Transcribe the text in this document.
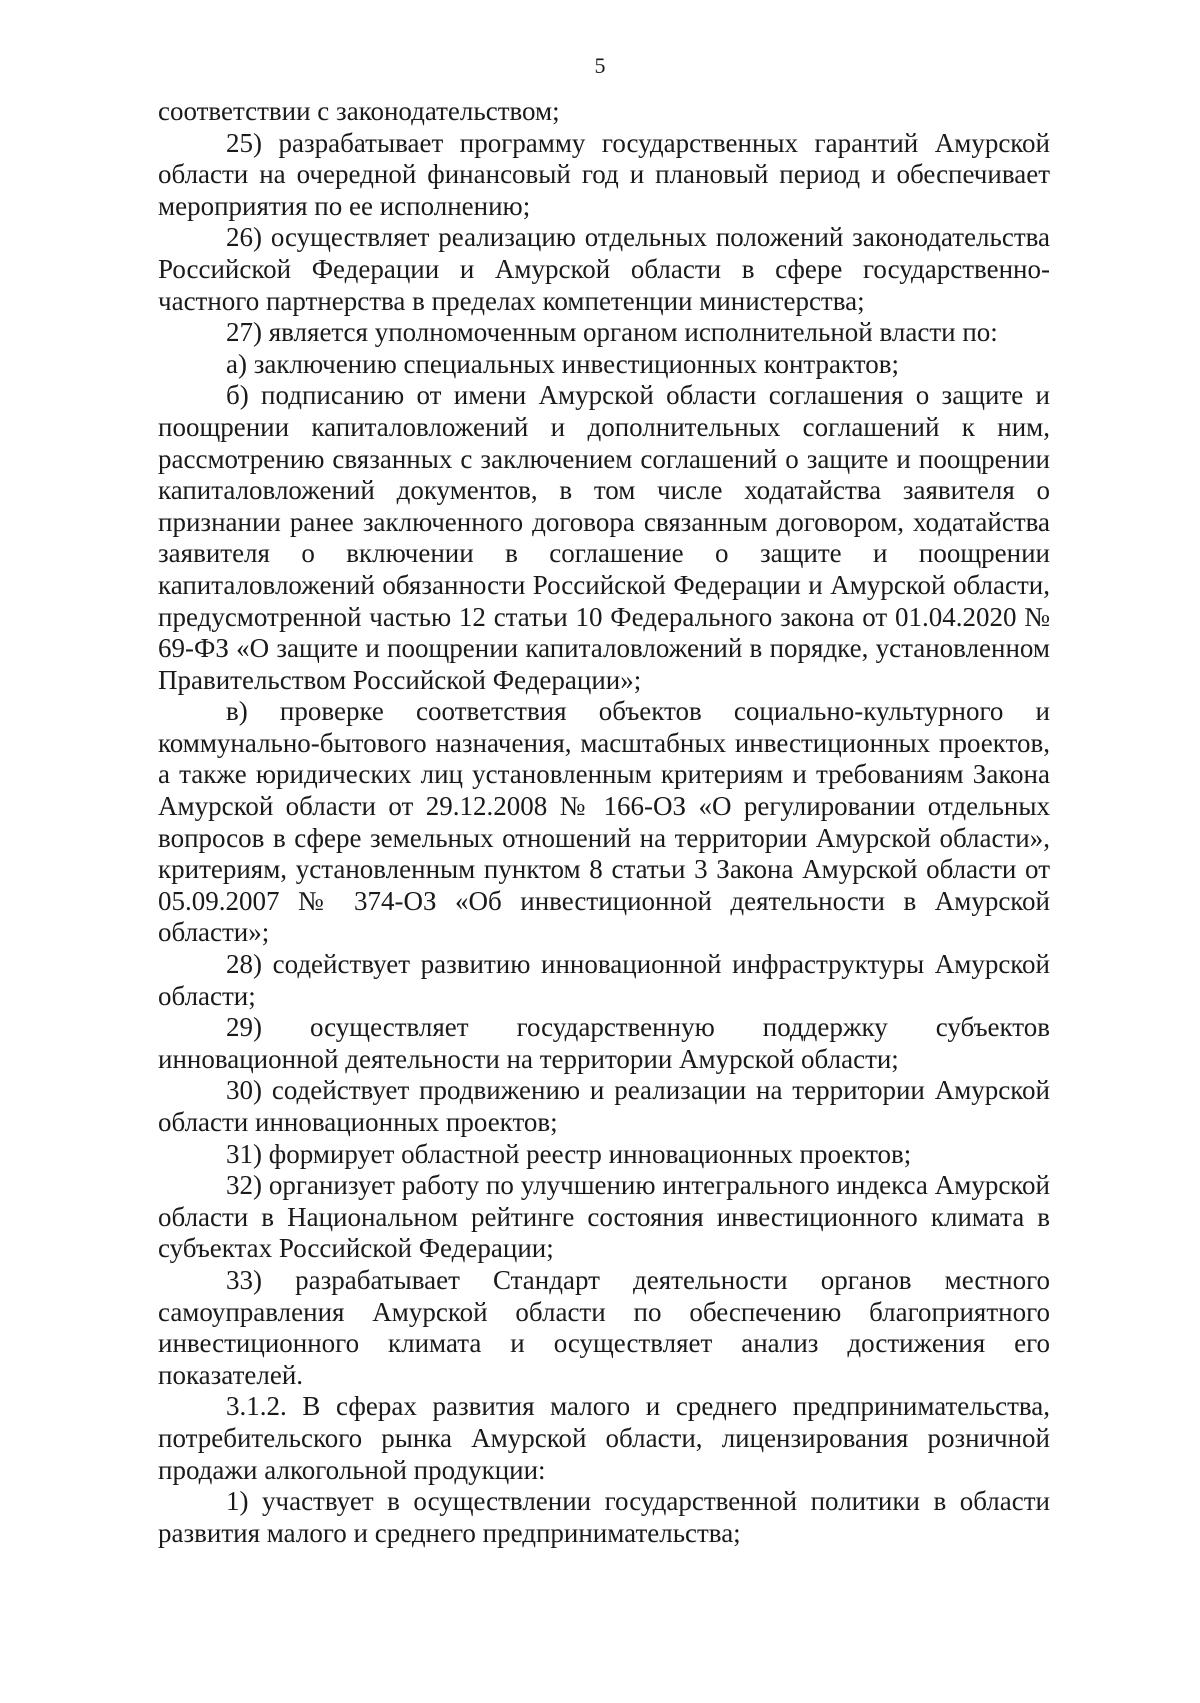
5

соответствии с законодательством;

25) разрабатывает программу государственных гарантий Амурской области на очередной финансовый год и плановый период и обеспечивает мероприятия по ее исполнению;

26) осуществляет реализацию отдельных положений законодательства Российской Федерации и Амурской области в сфере государственно-частного партнерства в пределах компетенции министерства;

27) является уполномоченным органом исполнительной власти по:

а) заключению специальных инвестиционных контрактов;

б) подписанию от имени Амурской области соглашения о защите и поощрении капиталовложений и дополнительных соглашений к ним, рассмотрению связанных с заключением соглашений о защите и поощрении капиталовложений документов, в том числе ходатайства заявителя о признании ранее заключенного договора связанным договором, ходатайства заявителя о включении в соглашение о защите и поощрении капиталовложений обязанности Российской Федерации и Амурской области, предусмотренной частью 12 статьи 10 Федерального закона от 01.04.2020 № 69-ФЗ «О защите и поощрении капиталовложений в порядке, установленном Правительством Российской Федерации»;

в) проверке соответствия объектов социально-культурного и коммунально-бытового назначения, масштабных инвестиционных проектов, а также юридических лиц установленным критериям и требованиям Закона Амурской области от 29.12.2008 № 166-ОЗ «О регулировании отдельных вопросов в сфере земельных отношений на территории Амурской области», критериям, установленным пунктом 8 статьи 3 Закона Амурской области от 05.09.2007 № 374-ОЗ «Об инвестиционной деятельности в Амурской области»;

28) содействует развитию инновационной инфраструктуры Амурской области;

29) осуществляет государственную поддержку субъектов инновационной деятельности на территории Амурской области;

30) содействует продвижению и реализации на территории Амурской области инновационных проектов;

31) формирует областной реестр инновационных проектов;

32) организует работу по улучшению интегрального индекса Амурской области в Национальном рейтинге состояния инвестиционного климата в субъектах Российской Федерации;

33) разрабатывает Стандарт деятельности органов местного самоуправления Амурской области по обеспечению благоприятного инвестиционного климата и осуществляет анализ достижения его показателей.

3.1.2. В сферах развития малого и среднего предпринимательства, потребительского рынка Амурской области, лицензирования розничной продажи алкогольной продукции:

1) участвует в осуществлении государственной политики в области развития малого и среднего предпринимательства;
